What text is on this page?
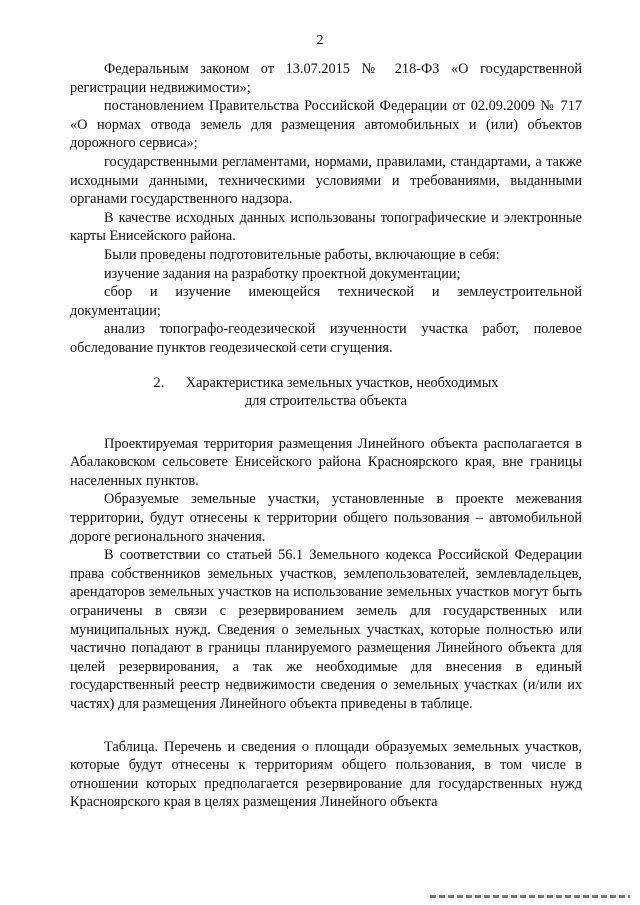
2

Федеральным законом от 13.07.2015 № 218-ФЗ «О государственной регистрации недвижимости»;

постановлением Правительства Российской Федерации от 02.09.2009 № 717 «О нормах отвода земель для размещения автомобильных и (или) объектов дорожного сервиса»;

государственными регламентами, нормами, правилами, стандартами, а также исходными данными, техническими условиями и требованиями, выданными органами государственного надзора.

В качестве исходных данных использованы топографические и электронные карты Енисейского района.

Были проведены подготовительные работы, включающие в себя:

изучение задания на разработку проектной документации;

сбор и изучение имеющейся технической и землеустроительной документации;

анализ топографо-геодезической изученности участка работ, полевое обследование пунктов геодезической сети сгущения.

2. Характеристика земельных участков, необходимых
для строительства объекта

Проектируемая территория размещения Линейного объекта располагается в Абалаковском сельсовете Енисейского района Красноярского края, вне границы населенных пунктов.

Образуемые земельные участки, установленные в проекте межевания территории, будут отнесены к территории общего пользования – автомобильной дороге регионального значения.

В соответствии со статьей 56.1 Земельного кодекса Российской Федерации права собственников земельных участков, землепользователей, землевладельцев, арендаторов земельных участков на использование земельных участков могут быть ограничены в связи с резервированием земель для государственных или муниципальных нужд. Сведения о земельных участках, которые полностью или частично попадают в границы планируемого размещения Линейного объекта для целей резервирования, а так же необходимые для внесения в единый государственный реестр недвижимости сведения о земельных участках (и/или их частях) для размещения Линейного объекта приведены в таблице.

Таблица. Перечень и сведения о площади образуемых земельных участков, которые будут отнесены к территориям общего пользования, в том числе в отношении которых предполагается резервирование для государственных нужд Красноярского края в целях размещения Линейного объекта
